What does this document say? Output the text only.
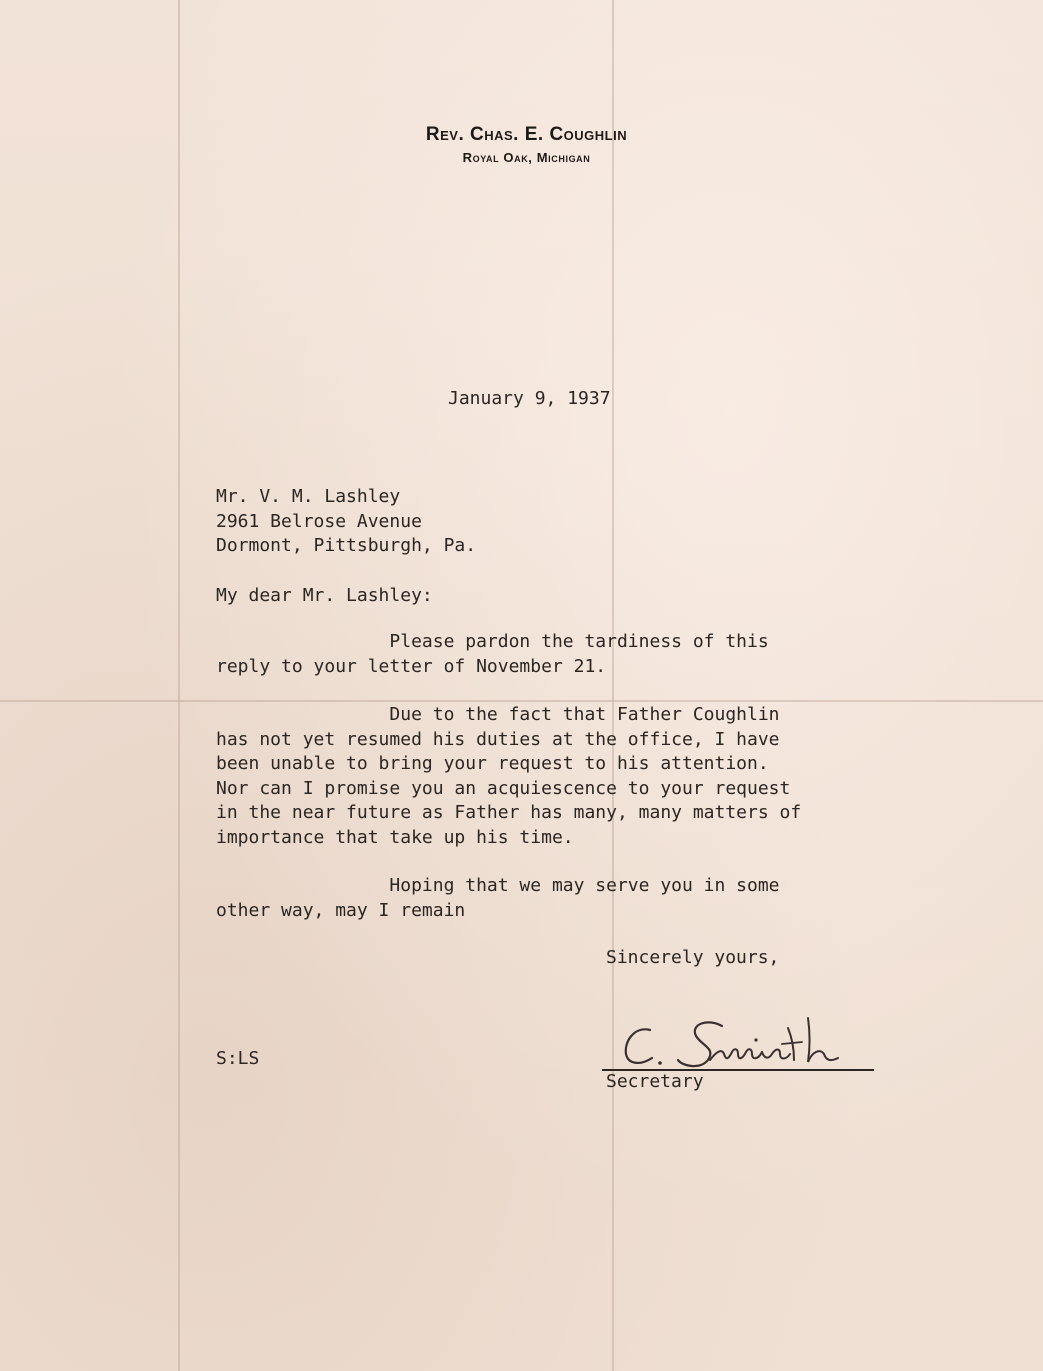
Rev. Chas. E. Coughlin
Royal Oak, Michigan
January 9, 1937
Mr. V. M. Lashley
2961 Belrose Avenue
Dormont, Pittsburgh, Pa.
My dear Mr. Lashley:
Please pardon the tardiness of this
reply to your letter of November 21.
Due to the fact that Father Coughlin
has not yet resumed his duties at the office, I have
been unable to bring your request to his attention.
Nor can I promise you an acquiescence to your request
in the near future as Father has many, many matters of
importance that take up his time.
Hoping that we may serve you in some
other way, may I remain
Sincerely yours,
S:LS
Secretary
